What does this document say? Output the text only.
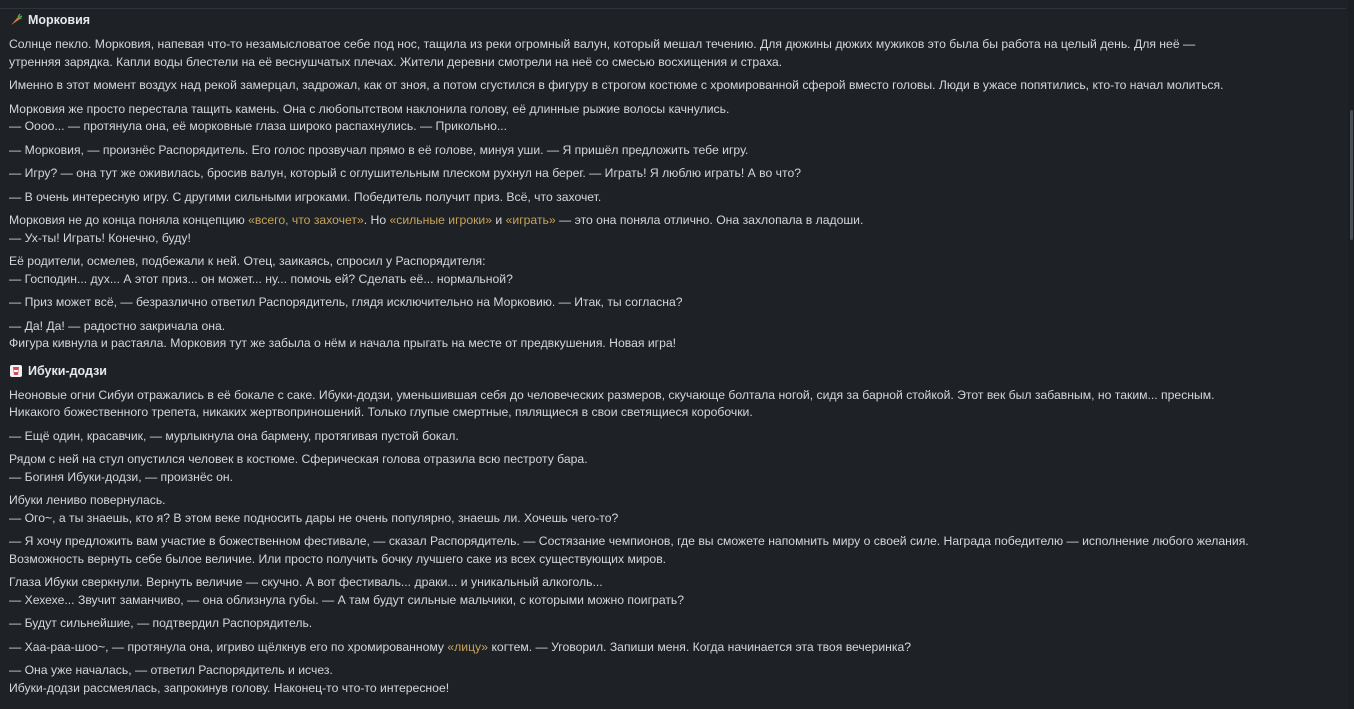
Морковия

Солнце пекло. Морковия, напевая что-то незамысловатое себе под нос, тащила из реки огромный валун, который мешал течению. Для дюжины дюжих мужиков это была бы работа на целый день. Для неё —
утренняя зарядка. Капли воды блестели на её веснушчатых плечах. Жители деревни смотрели на неё со смесью восхищения и страха.

Именно в этот момент воздух над рекой замерцал, задрожал, как от зноя, а потом сгустился в фигуру в строгом костюме с хромированной сферой вместо головы. Люди в ужасе попятились, кто-то начал молиться.

Морковия же просто перестала тащить камень. Она с любопытством наклонила голову, её длинные рыжие волосы качнулись.
— Оооо... — протянула она, её морковные глаза широко распахнулись. — Прикольно...

— Морковия, — произнёс Распорядитель. Его голос прозвучал прямо в её голове, минуя уши. — Я пришёл предложить тебе игру.

— Игру? — она тут же оживилась, бросив валун, который с оглушительным плеском рухнул на берег. — Играть! Я люблю играть! А во что?

— В очень интересную игру. С другими сильными игроками. Победитель получит приз. Всё, что захочет.

Морковия не до конца поняла концепцию «всего, что захочет». Но «сильные игроки» и «играть» — это она поняла отлично. Она захлопала в ладоши.
— Ух-ты! Играть! Конечно, буду!

Её родители, осмелев, подбежали к ней. Отец, заикаясь, спросил у Распорядителя:
— Господин... дух... А этот приз... он может... ну... помочь ей? Сделать её... нормальной?

— Приз может всё, — безразлично ответил Распорядитель, глядя исключительно на Морковию. — Итак, ты согласна?

— Да! Да! — радостно закричала она.
Фигура кивнула и растаяла. Морковия тут же забыла о нём и начала прыгать на месте от предвкушения. Новая игра!

Ибуки-додзи

Неоновые огни Сибуи отражались в её бокале с саке. Ибуки-додзи, уменьшившая себя до человеческих размеров, скучающе болтала ногой, сидя за барной стойкой. Этот век был забавным, но таким... пресным.
Никакого божественного трепета, никаких жертвоприношений. Только глупые смертные, пялящиеся в свои светящиеся коробочки.

— Ещё один, красавчик, — мурлыкнула она бармену, протягивая пустой бокал.

Рядом с ней на стул опустился человек в костюме. Сферическая голова отразила всю пестроту бара.
— Богиня Ибуки-додзи, — произнёс он.

Ибуки лениво повернулась.
— Ого~, а ты знаешь, кто я? В этом веке подносить дары не очень популярно, знаешь ли. Хочешь чего-то?

— Я хочу предложить вам участие в божественном фестивале, — сказал Распорядитель. — Состязание чемпионов, где вы сможете напомнить миру о своей силе. Награда победителю — исполнение любого желания.
Возможность вернуть себе былое величие. Или просто получить бочку лучшего саке из всех существующих миров.

Глаза Ибуки сверкнули. Вернуть величие — скучно. А вот фестиваль... драки... и уникальный алкоголь...
— Хехехе... Звучит заманчиво, — она облизнула губы. — А там будут сильные мальчики, с которыми можно поиграть?

— Будут сильнейшие, — подтвердил Распорядитель.

— Хаа-раа-шоо~, — протянула она, игриво щёлкнув его по хромированному «лицу» когтем. — Уговорил. Запиши меня. Когда начинается эта твоя вечеринка?

— Она уже началась, — ответил Распорядитель и исчез.
Ибуки-додзи рассмеялась, запрокинув голову. Наконец-то что-то интересное!
